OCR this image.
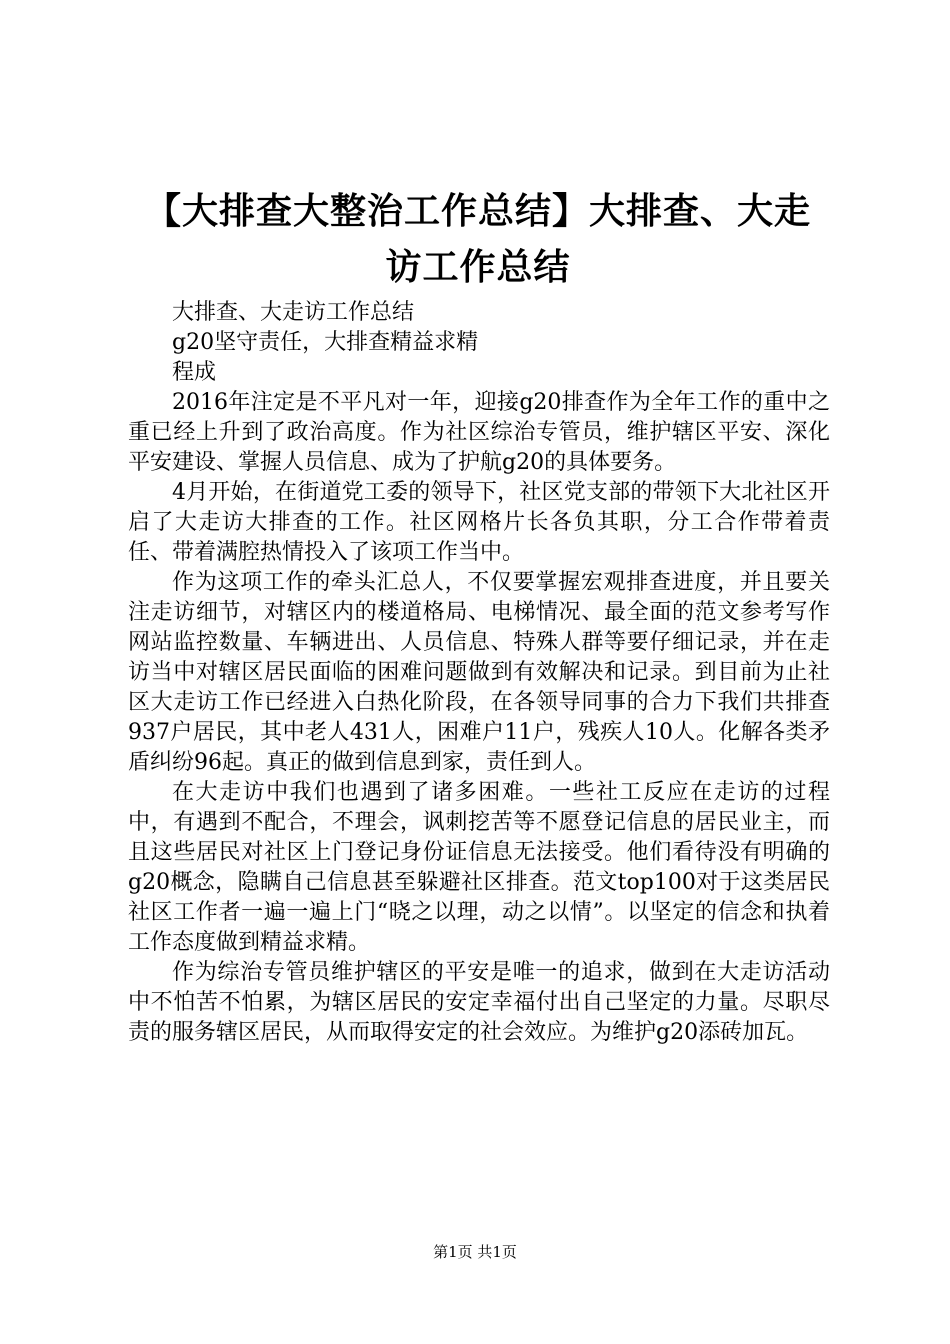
【大排查大整治工作总结】大排查、大走访工作总结

大排查、大走访工作总结

g20坚守责任，大排查精益求精

程成

2016年注定是不平凡对一年，迎接g20排查作为全年工作的重中之重已经上升到了政治高度。作为社区综治专管员，维护辖区平安、深化平安建设、掌握人员信息、成为了护航g20的具体要务。

4月开始，在街道党工委的领导下，社区党支部的带领下大北社区开启了大走访大排查的工作。社区网格片长各负其职，分工合作带着责任、带着满腔热情投入了该项工作当中。

作为这项工作的牵头汇总人，不仅要掌握宏观排查进度，并且要关注走访细节，对辖区内的楼道格局、电梯情况、最全面的范文参考写作网站监控数量、车辆进出、人员信息、特殊人群等要仔细记录，并在走访当中对辖区居民面临的困难问题做到有效解决和记录。到目前为止社区大走访工作已经进入白热化阶段，在各领导同事的合力下我们共排查937户居民，其中老人431人，困难户11户，残疾人10人。化解各类矛盾纠纷96起。真正的做到信息到家，责任到人。

在大走访中我们也遇到了诸多困难。一些社工反应在走访的过程中，有遇到不配合，不理会，讽刺挖苦等不愿登记信息的居民业主，而且这些居民对社区上门登记身份证信息无法接受。他们看待没有明确的g20概念，隐瞒自己信息甚至躲避社区排查。范文top100对于这类居民社区工作者一遍一遍上门“晓之以理，动之以情”。以坚定的信念和执着工作态度做到精益求精。

作为综治专管员维护辖区的平安是唯一的追求，做到在大走访活动中不怕苦不怕累，为辖区居民的安定幸福付出自己坚定的力量。尽职尽责的服务辖区居民，从而取得安定的社会效应。为维护g20添砖加瓦。

第1页 共1页
